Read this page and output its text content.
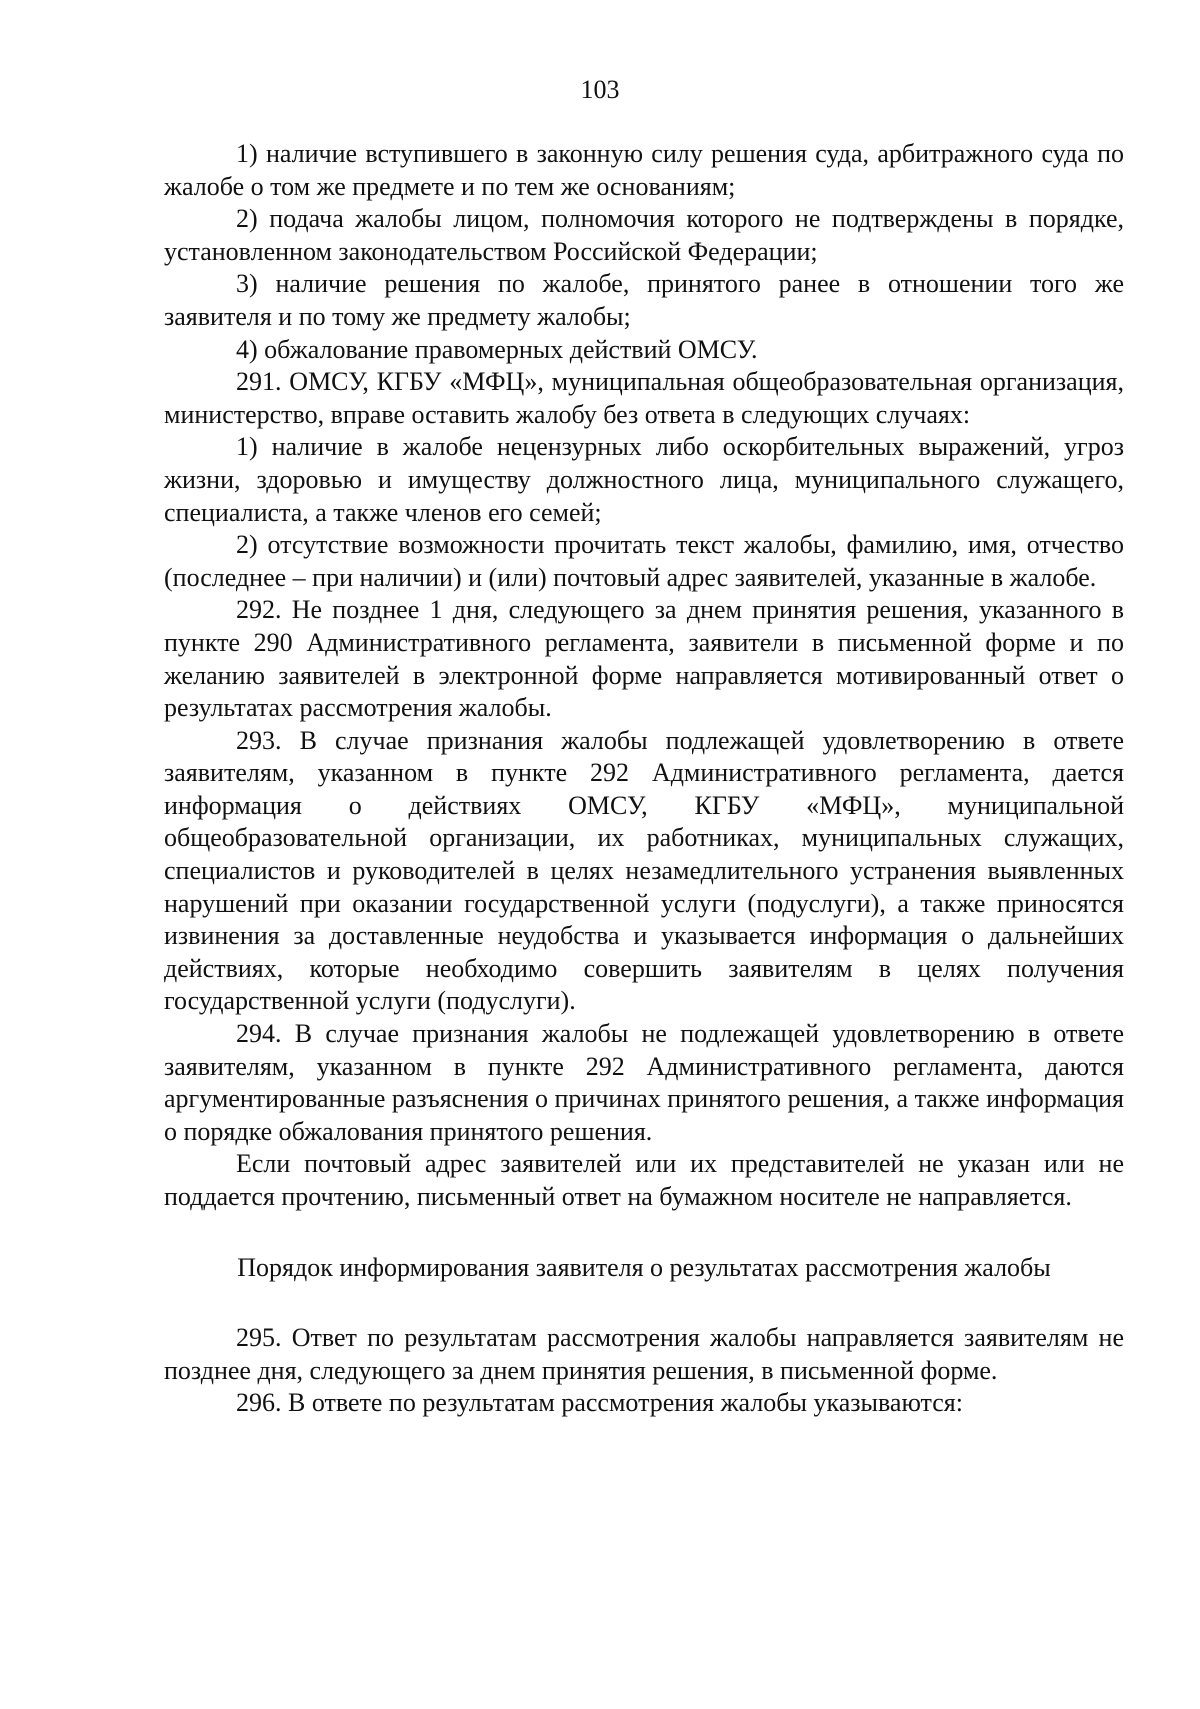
103

1) наличие вступившего в законную силу решения суда, арбитражного суда по жалобе о том же предмете и по тем же основаниям;

2) подача жалобы лицом, полномочия которого не подтверждены в порядке, установленном законодательством Российской Федерации;

3) наличие решения по жалобе, принятого ранее в отношении того же заявителя и по тому же предмету жалобы;

4) обжалование правомерных действий ОМСУ.

291. ОМСУ, КГБУ «МФЦ», муниципальная общеобразовательная организация, министерство, вправе оставить жалобу без ответа в следующих случаях:

1) наличие в жалобе нецензурных либо оскорбительных выражений, угроз жизни, здоровью и имуществу должностного лица, муниципального служащего, специалиста, а также членов его семей;

2) отсутствие возможности прочитать текст жалобы, фамилию, имя, отчество (последнее – при наличии) и (или) почтовый адрес заявителей, указанные в жалобе.

292. Не позднее 1 дня, следующего за днем принятия решения, указанного в пункте 290 Административного регламента, заявители в письменной форме и по желанию заявителей в электронной форме направляется мотивированный ответ о результатах рассмотрения жалобы.

293. В случае признания жалобы подлежащей удовлетворению в ответе заявителям, указанном в пункте 292 Административного регламента, дается информация о действиях ОМСУ, КГБУ «МФЦ», муниципальной общеобразовательной организации, их работниках, муниципальных служащих, специалистов и руководителей в целях незамедлительного устранения выявленных нарушений при оказании государственной услуги (подуслуги), а также приносятся извинения за доставленные неудобства и указывается информация о дальнейших действиях, которые необходимо совершить заявителям в целях получения государственной услуги (подуслуги).

294. В случае признания жалобы не подлежащей удовлетворению в ответе заявителям, указанном в пункте 292 Административного регламента, даются аргументированные разъяснения о причинах принятого решения, а также информация о порядке обжалования принятого решения.

Если почтовый адрес заявителей или их представителей не указан или не поддается прочтению, письменный ответ на бумажном носителе не направляется.

Порядок информирования заявителя о результатах рассмотрения жалобы

295. Ответ по результатам рассмотрения жалобы направляется заявителям не позднее дня, следующего за днем принятия решения, в письменной форме.

296. В ответе по результатам рассмотрения жалобы указываются:
